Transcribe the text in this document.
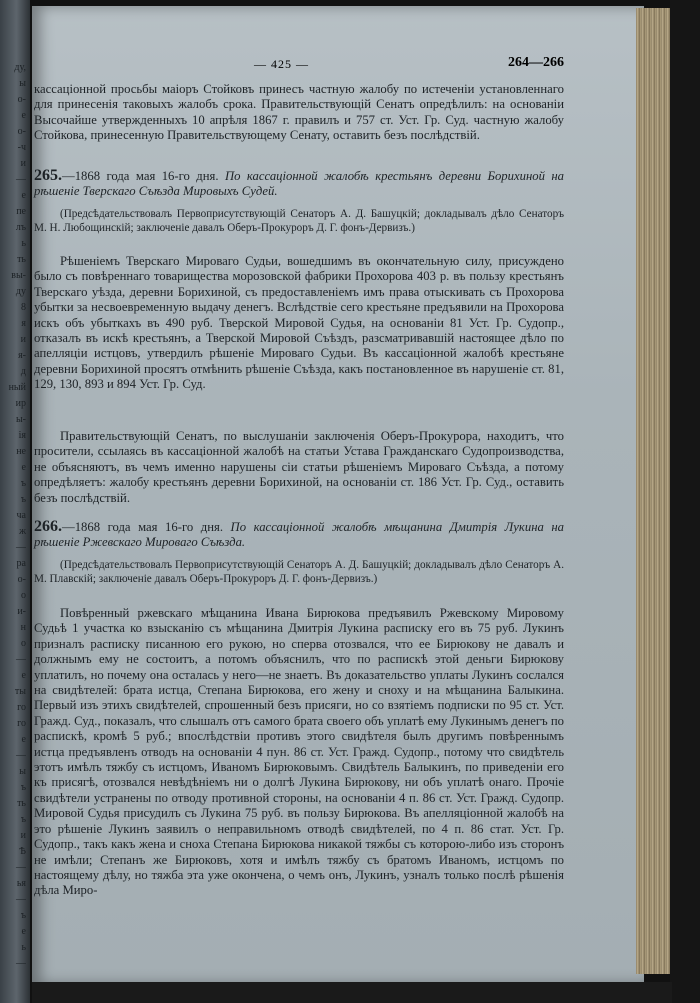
ду,
ы
о-
е
о-
-ч
и
—
е
пе
лъ
ь
ть
вы-
ду
8
я
и
я-
д
ный
ир
ы-
ія
не
е
ъ
ъ
ча
ж
—
ра
о-
о
и-
н
о
—
е
ты
го
го
е
—
ы
ъ
ть
ъ
и
Ѣ
—
ья
—
ъ
е
ь
—
— 425 —	264—266

кассаціонной просьбы маіоръ Стойковъ принесъ частную жалобу по истеченіи установленнаго для принесенія таковыхъ жалобъ срока. Правительствующій Сенатъ опредѣлилъ: на основаніи Высочайше утвержденныхъ 10 апрѣля 1867 г. правилъ и 757 ст. Уст. Гр. Суд. частную жалобу Стойкова, принесенную Правительствующему Сенату, оставить безъ послѣдствій.

265.—1868 года мая 16-го дня. По кассаціонной жалобѣ крестьянъ деревни Борихиной на рѣшеніе Тверскаго Съѣзда Мировыхъ Судей.

(Предсѣдательствовалъ Первоприсутствующій Сенаторъ А. Д. Башуцкій; докладывалъ дѣло Сенаторъ М. Н. Любощинскій; заключеніе давалъ Оберъ-Прокуроръ Д. Г. фонъ-Дервизъ.)

Рѣшеніемъ Тверскаго Мироваго Судьи, вошедшимъ въ окончательную силу, присуждено было съ повѣреннаго товарищества морозовской фабрики Прохорова 403 р. въ пользу крестьянъ Тверскаго уѣзда, деревни Борихиной, съ предоставленіемъ имъ права отыскивать съ Прохорова убытки за несвоевременную выдачу денегъ. Вслѣдствіе сего крестьяне предъявили на Прохорова искъ объ убыткахъ въ 490 руб. Тверской Мировой Судья, на основаніи 81 Уст. Гр. Судопр., отказалъ въ искѣ крестьянъ, а Тверской Мировой Съѣздъ, разсматривавшій настоящее дѣло по апелляціи истцовъ, утвердилъ рѣшеніе Мироваго Судьи. Въ кассаціонной жалобѣ крестьяне деревни Борихиной просятъ отмѣнить рѣшеніе Съѣзда, какъ постановленное въ нарушеніе ст. 81, 129, 130, 893 и 894 Уст. Гр. Суд.

Правительствующій Сенатъ, по выслушаніи заключенія Оберъ-Прокурора, находитъ, что просители, ссылаясь въ кассаціонной жалобѣ на статьи Устава Гражданскаго Судопроизводства, не объясняютъ, въ чемъ именно нарушены сіи статьи рѣшеніемъ Мироваго Съѣзда, а потому опредѣляетъ: жалобу крестьянъ деревни Борихиной, на основаніи ст. 186 Уст. Гр. Суд., оставить безъ послѣдствій.

266.—1868 года мая 16-го дня. По кассаціонной жалобѣ мѣщанина Дмитрія Лукина на рѣшеніе Ржевскаго Мироваго Съѣзда.

(Предсѣдательствовалъ Первоприсутствующій Сенаторъ А. Д. Башуцкій; докладывалъ дѣло Сенаторъ А. М. Плавскій; заключеніе давалъ Оберъ-Прокуроръ Д. Г. фонъ-Дервизъ.)

Повѣренный ржевскаго мѣщанина Ивана Бирюкова предъявилъ Ржевскому Мировому Судьѣ 1 участка ко взысканію съ мѣщанина Дмитрія Лукина расписку его въ 75 руб. Лукинъ призналъ расписку писанною его рукою, но сперва отозвался, что ее Бирюкову не давалъ и должнымъ ему не состоитъ, а потомъ объяснилъ, что по распискѣ этой деньги Бирюкову уплатилъ, но почему она осталась у него—не знаетъ. Въ доказательство уплаты Лукинъ сослался на свидѣтелей: брата истца, Степана Бирюкова, его жену и сноху и на мѣщанина Балыкина. Первый изъ этихъ свидѣтелей, спрошенный безъ присяги, но со взятіемъ подписки по 95 ст. Уст. Гражд. Суд., показалъ, что слышалъ отъ самого брата своего объ уплатѣ ему Лукинымъ денегъ по распискѣ, кромѣ 5 руб.; впослѣдствіи противъ этого свидѣтеля былъ другимъ повѣреннымъ истца предъявленъ отводъ на основаніи 4 пун. 86 ст. Уст. Гражд. Судопр., потому что свидѣтель этотъ имѣлъ тяжбу съ истцомъ, Иваномъ Бирюковымъ. Свидѣтель Балыкинъ, по приведеніи его къ присягѣ, отозвался невѣдѣніемъ ни о долгѣ Лукина Бирюкову, ни объ уплатѣ онаго. Прочіе свидѣтели устранены по отводу противной стороны, на основаніи 4 п. 86 ст. Уст. Гражд. Судопр. Мировой Судья присудилъ съ Лукина 75 руб. въ пользу Бирюкова. Въ апелляціонной жалобѣ на это рѣшеніе Лукинъ заявилъ о неправильномъ отводѣ свидѣтелей, по 4 п. 86 стат. Уст. Гр. Судопр., такъ какъ жена и сноха Степана Бирюкова никакой тяжбы съ которою-либо изъ сторонъ не имѣли; Степанъ же Бирюковъ, хотя и имѣлъ тяжбу съ братомъ Иваномъ, истцомъ по настоящему дѣлу, но тяжба эта уже окончена, о чемъ онъ, Лукинъ, узналъ только послѣ рѣшенія дѣла Миро-
